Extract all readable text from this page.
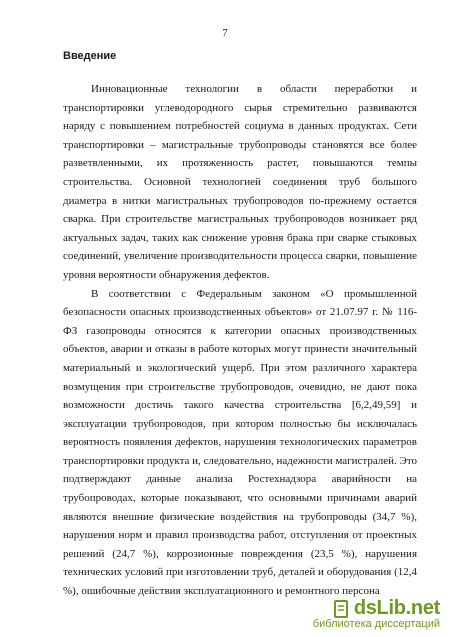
7
Введение

Инновационные технологии в области переработки и транспортировки углеводородного сырья стремительно развиваются наряду с повышением потребностей социума в данных продуктах. Сети транспортировки – магистральные трубопроводы становятся все более разветвленными, их протяженность растет, повышаются темпы строительства. Основной технологией соединения труб большого диаметра в нитки магистральных трубопроводов по-прежнему остается сварка. При строительстве магистральных трубопроводов возникает ряд актуальных задач, таких как снижение уровня брака при сварке стыковых соединений, увеличение производительности процесса сварки, повышение уровня вероятности обнаружения дефектов.

В соответствии с Федеральным законом «О промышленной безопасности опасных производственных объектов» от 21.07.97 г. № 116-ФЗ газопроводы относятся к категории опасных производственных объектов, аварии и отказы в работе которых могут принести значительный материальный и экологический ущерб. При этом различного характера возмущения при строительстве трубопроводов, очевидно, не дают пока возможности достичь такого качества строительства [6,2,49,59] и эксплуатации трубопроводов, при котором полностью бы исключалась вероятность появления дефектов, нарушения технологических параметров транспортировки продукта и, следовательно, надежности магистралей. Это подтверждают данные анализа Ростехнадзора аварийности на трубопроводах, которые показывают, что основными причинами аварий являются внешние физические воздействия на трубопроводы (34,7 %), нарушения норм и правил производства работ, отступления от проектных решений (24,7 %), коррозионные повреждения (23,5 %), нарушения технических условий при изготовлении труб, деталей и оборудования (12,4 %), ошибочные действия эксплуатационного и ремонтного персона

dsLib.net
библиотека диссертаций
